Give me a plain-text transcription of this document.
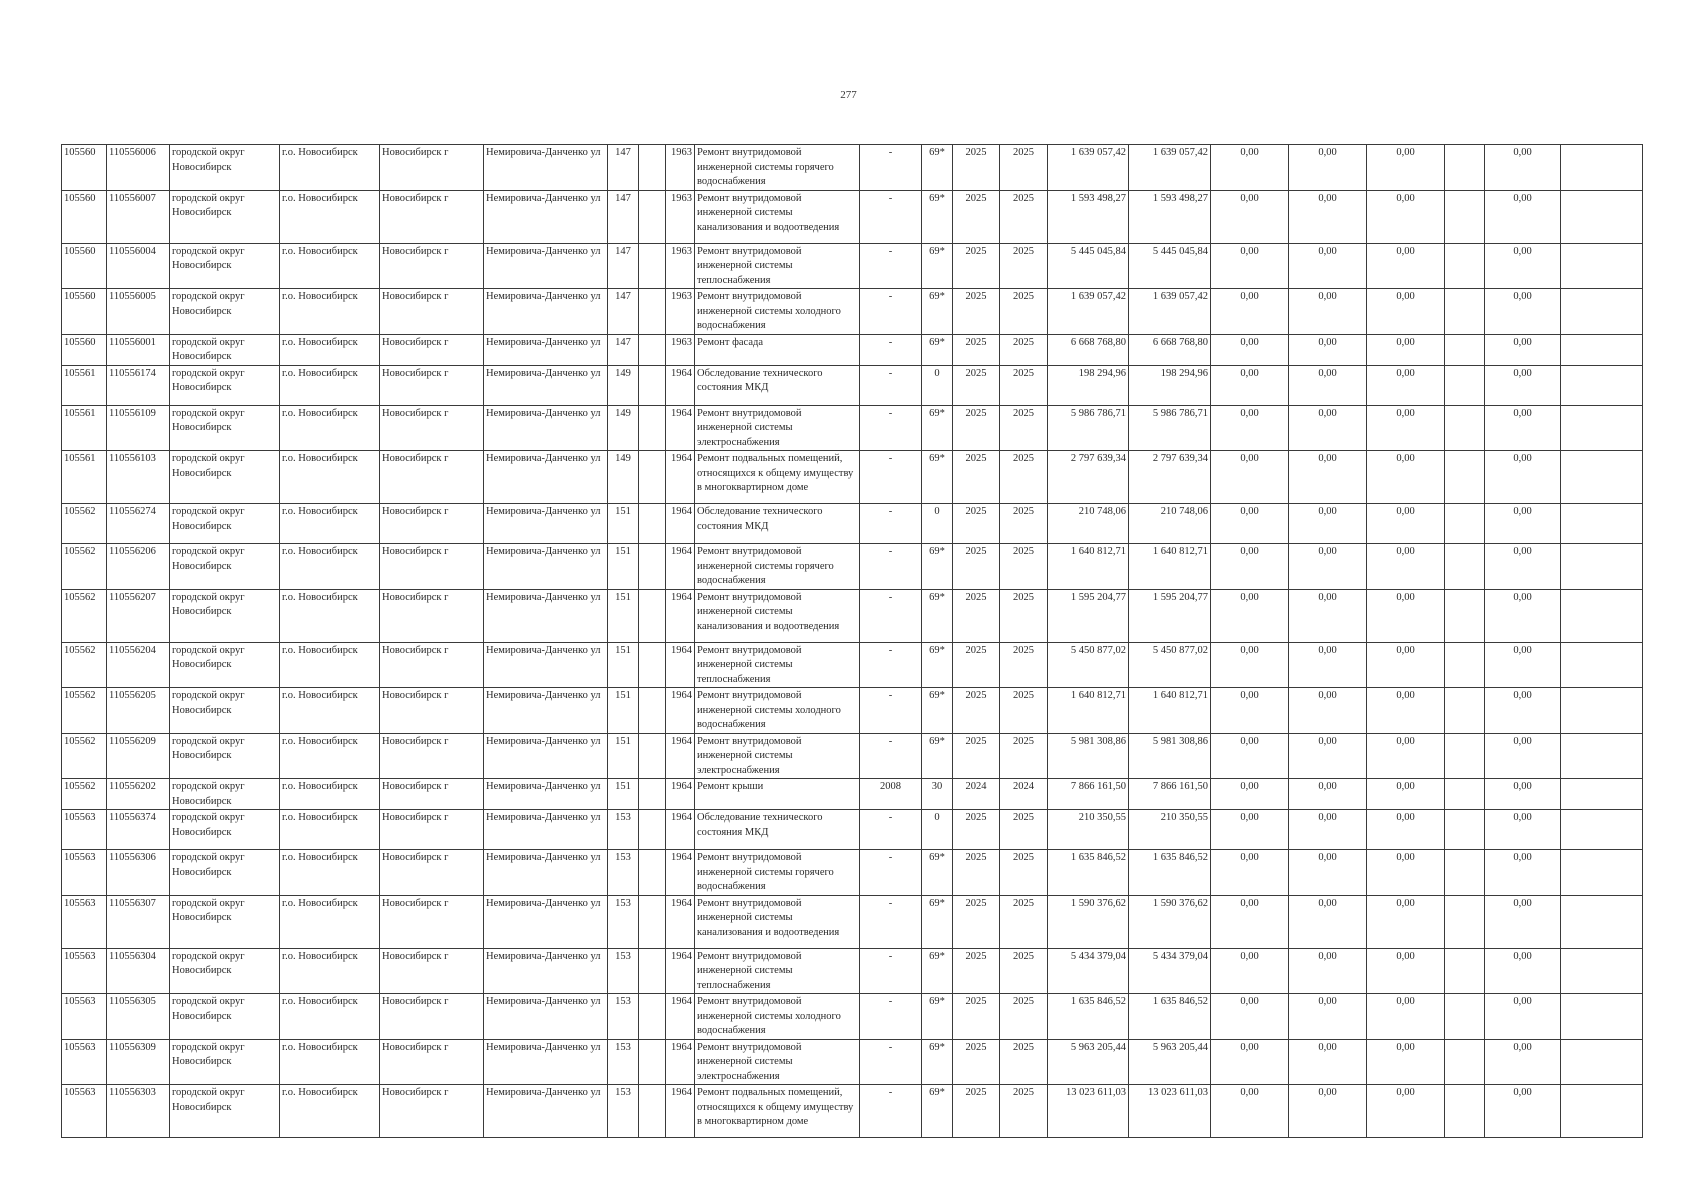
277
105560	110556006	городской округ Новосибирск	г.о. Новосибирск	Новосибирск г	Немировича-Данченко ул	147		1963	Ремонт внутридомовой инженерной системы горячего водоснабжения	-	69*	2025	2025	1 639 057,42	1 639 057,42	0,00	0,00	0,00		0,00	
105560	110556007	городской округ Новосибирск	г.о. Новосибирск	Новосибирск г	Немировича-Данченко ул	147		1963	Ремонт внутридомовой инженерной системы канализования и водоотведения	-	69*	2025	2025	1 593 498,27	1 593 498,27	0,00	0,00	0,00		0,00	
105560	110556004	городской округ Новосибирск	г.о. Новосибирск	Новосибирск г	Немировича-Данченко ул	147		1963	Ремонт внутридомовой инженерной системы теплоснабжения	-	69*	2025	2025	5 445 045,84	5 445 045,84	0,00	0,00	0,00		0,00	
105560	110556005	городской округ Новосибирск	г.о. Новосибирск	Новосибирск г	Немировича-Данченко ул	147		1963	Ремонт внутридомовой инженерной системы холодного водоснабжения	-	69*	2025	2025	1 639 057,42	1 639 057,42	0,00	0,00	0,00		0,00	
105560	110556001	городской округ Новосибирск	г.о. Новосибирск	Новосибирск г	Немировича-Данченко ул	147		1963	Ремонт фасада	-	69*	2025	2025	6 668 768,80	6 668 768,80	0,00	0,00	0,00		0,00	
105561	110556174	городской округ Новосибирск	г.о. Новосибирск	Новосибирск г	Немировича-Данченко ул	149		1964	Обследование технического состояния МКД	-	0	2025	2025	198 294,96	198 294,96	0,00	0,00	0,00		0,00	
105561	110556109	городской округ Новосибирск	г.о. Новосибирск	Новосибирск г	Немировича-Данченко ул	149		1964	Ремонт внутридомовой инженерной системы электроснабжения	-	69*	2025	2025	5 986 786,71	5 986 786,71	0,00	0,00	0,00		0,00	
105561	110556103	городской округ Новосибирск	г.о. Новосибирск	Новосибирск г	Немировича-Данченко ул	149		1964	Ремонт подвальных помещений, относящихся к общему имуществу в многоквартирном доме	-	69*	2025	2025	2 797 639,34	2 797 639,34	0,00	0,00	0,00		0,00	
105562	110556274	городской округ Новосибирск	г.о. Новосибирск	Новосибирск г	Немировича-Данченко ул	151		1964	Обследование технического состояния МКД	-	0	2025	2025	210 748,06	210 748,06	0,00	0,00	0,00		0,00	
105562	110556206	городской округ Новосибирск	г.о. Новосибирск	Новосибирск г	Немировича-Данченко ул	151		1964	Ремонт внутридомовой инженерной системы горячего водоснабжения	-	69*	2025	2025	1 640 812,71	1 640 812,71	0,00	0,00	0,00		0,00	
105562	110556207	городской округ Новосибирск	г.о. Новосибирск	Новосибирск г	Немировича-Данченко ул	151		1964	Ремонт внутридомовой инженерной системы канализования и водоотведения	-	69*	2025	2025	1 595 204,77	1 595 204,77	0,00	0,00	0,00		0,00	
105562	110556204	городской округ Новосибирск	г.о. Новосибирск	Новосибирск г	Немировича-Данченко ул	151		1964	Ремонт внутридомовой инженерной системы теплоснабжения	-	69*	2025	2025	5 450 877,02	5 450 877,02	0,00	0,00	0,00		0,00	
105562	110556205	городской округ Новосибирск	г.о. Новосибирск	Новосибирск г	Немировича-Данченко ул	151		1964	Ремонт внутридомовой инженерной системы холодного водоснабжения	-	69*	2025	2025	1 640 812,71	1 640 812,71	0,00	0,00	0,00		0,00	
105562	110556209	городской округ Новосибирск	г.о. Новосибирск	Новосибирск г	Немировича-Данченко ул	151		1964	Ремонт внутридомовой инженерной системы электроснабжения	-	69*	2025	2025	5 981 308,86	5 981 308,86	0,00	0,00	0,00		0,00	
105562	110556202	городской округ Новосибирск	г.о. Новосибирск	Новосибирск г	Немировича-Данченко ул	151		1964	Ремонт крыши	2008	30	2024	2024	7 866 161,50	7 866 161,50	0,00	0,00	0,00		0,00	
105563	110556374	городской округ Новосибирск	г.о. Новосибирск	Новосибирск г	Немировича-Данченко ул	153		1964	Обследование технического состояния МКД	-	0	2025	2025	210 350,55	210 350,55	0,00	0,00	0,00		0,00	
105563	110556306	городской округ Новосибирск	г.о. Новосибирск	Новосибирск г	Немировича-Данченко ул	153		1964	Ремонт внутридомовой инженерной системы горячего водоснабжения	-	69*	2025	2025	1 635 846,52	1 635 846,52	0,00	0,00	0,00		0,00	
105563	110556307	городской округ Новосибирск	г.о. Новосибирск	Новосибирск г	Немировича-Данченко ул	153		1964	Ремонт внутридомовой инженерной системы канализования и водоотведения	-	69*	2025	2025	1 590 376,62	1 590 376,62	0,00	0,00	0,00		0,00	
105563	110556304	городской округ Новосибирск	г.о. Новосибирск	Новосибирск г	Немировича-Данченко ул	153		1964	Ремонт внутридомовой инженерной системы теплоснабжения	-	69*	2025	2025	5 434 379,04	5 434 379,04	0,00	0,00	0,00		0,00	
105563	110556305	городской округ Новосибирск	г.о. Новосибирск	Новосибирск г	Немировича-Данченко ул	153		1964	Ремонт внутридомовой инженерной системы холодного водоснабжения	-	69*	2025	2025	1 635 846,52	1 635 846,52	0,00	0,00	0,00		0,00	
105563	110556309	городской округ Новосибирск	г.о. Новосибирск	Новосибирск г	Немировича-Данченко ул	153		1964	Ремонт внутридомовой инженерной системы электроснабжения	-	69*	2025	2025	5 963 205,44	5 963 205,44	0,00	0,00	0,00		0,00	
105563	110556303	городской округ Новосибирск	г.о. Новосибирск	Новосибирск г	Немировича-Данченко ул	153		1964	Ремонт подвальных помещений, относящихся к общему имуществу в многоквартирном доме	-	69*	2025	2025	13 023 611,03	13 023 611,03	0,00	0,00	0,00		0,00	
